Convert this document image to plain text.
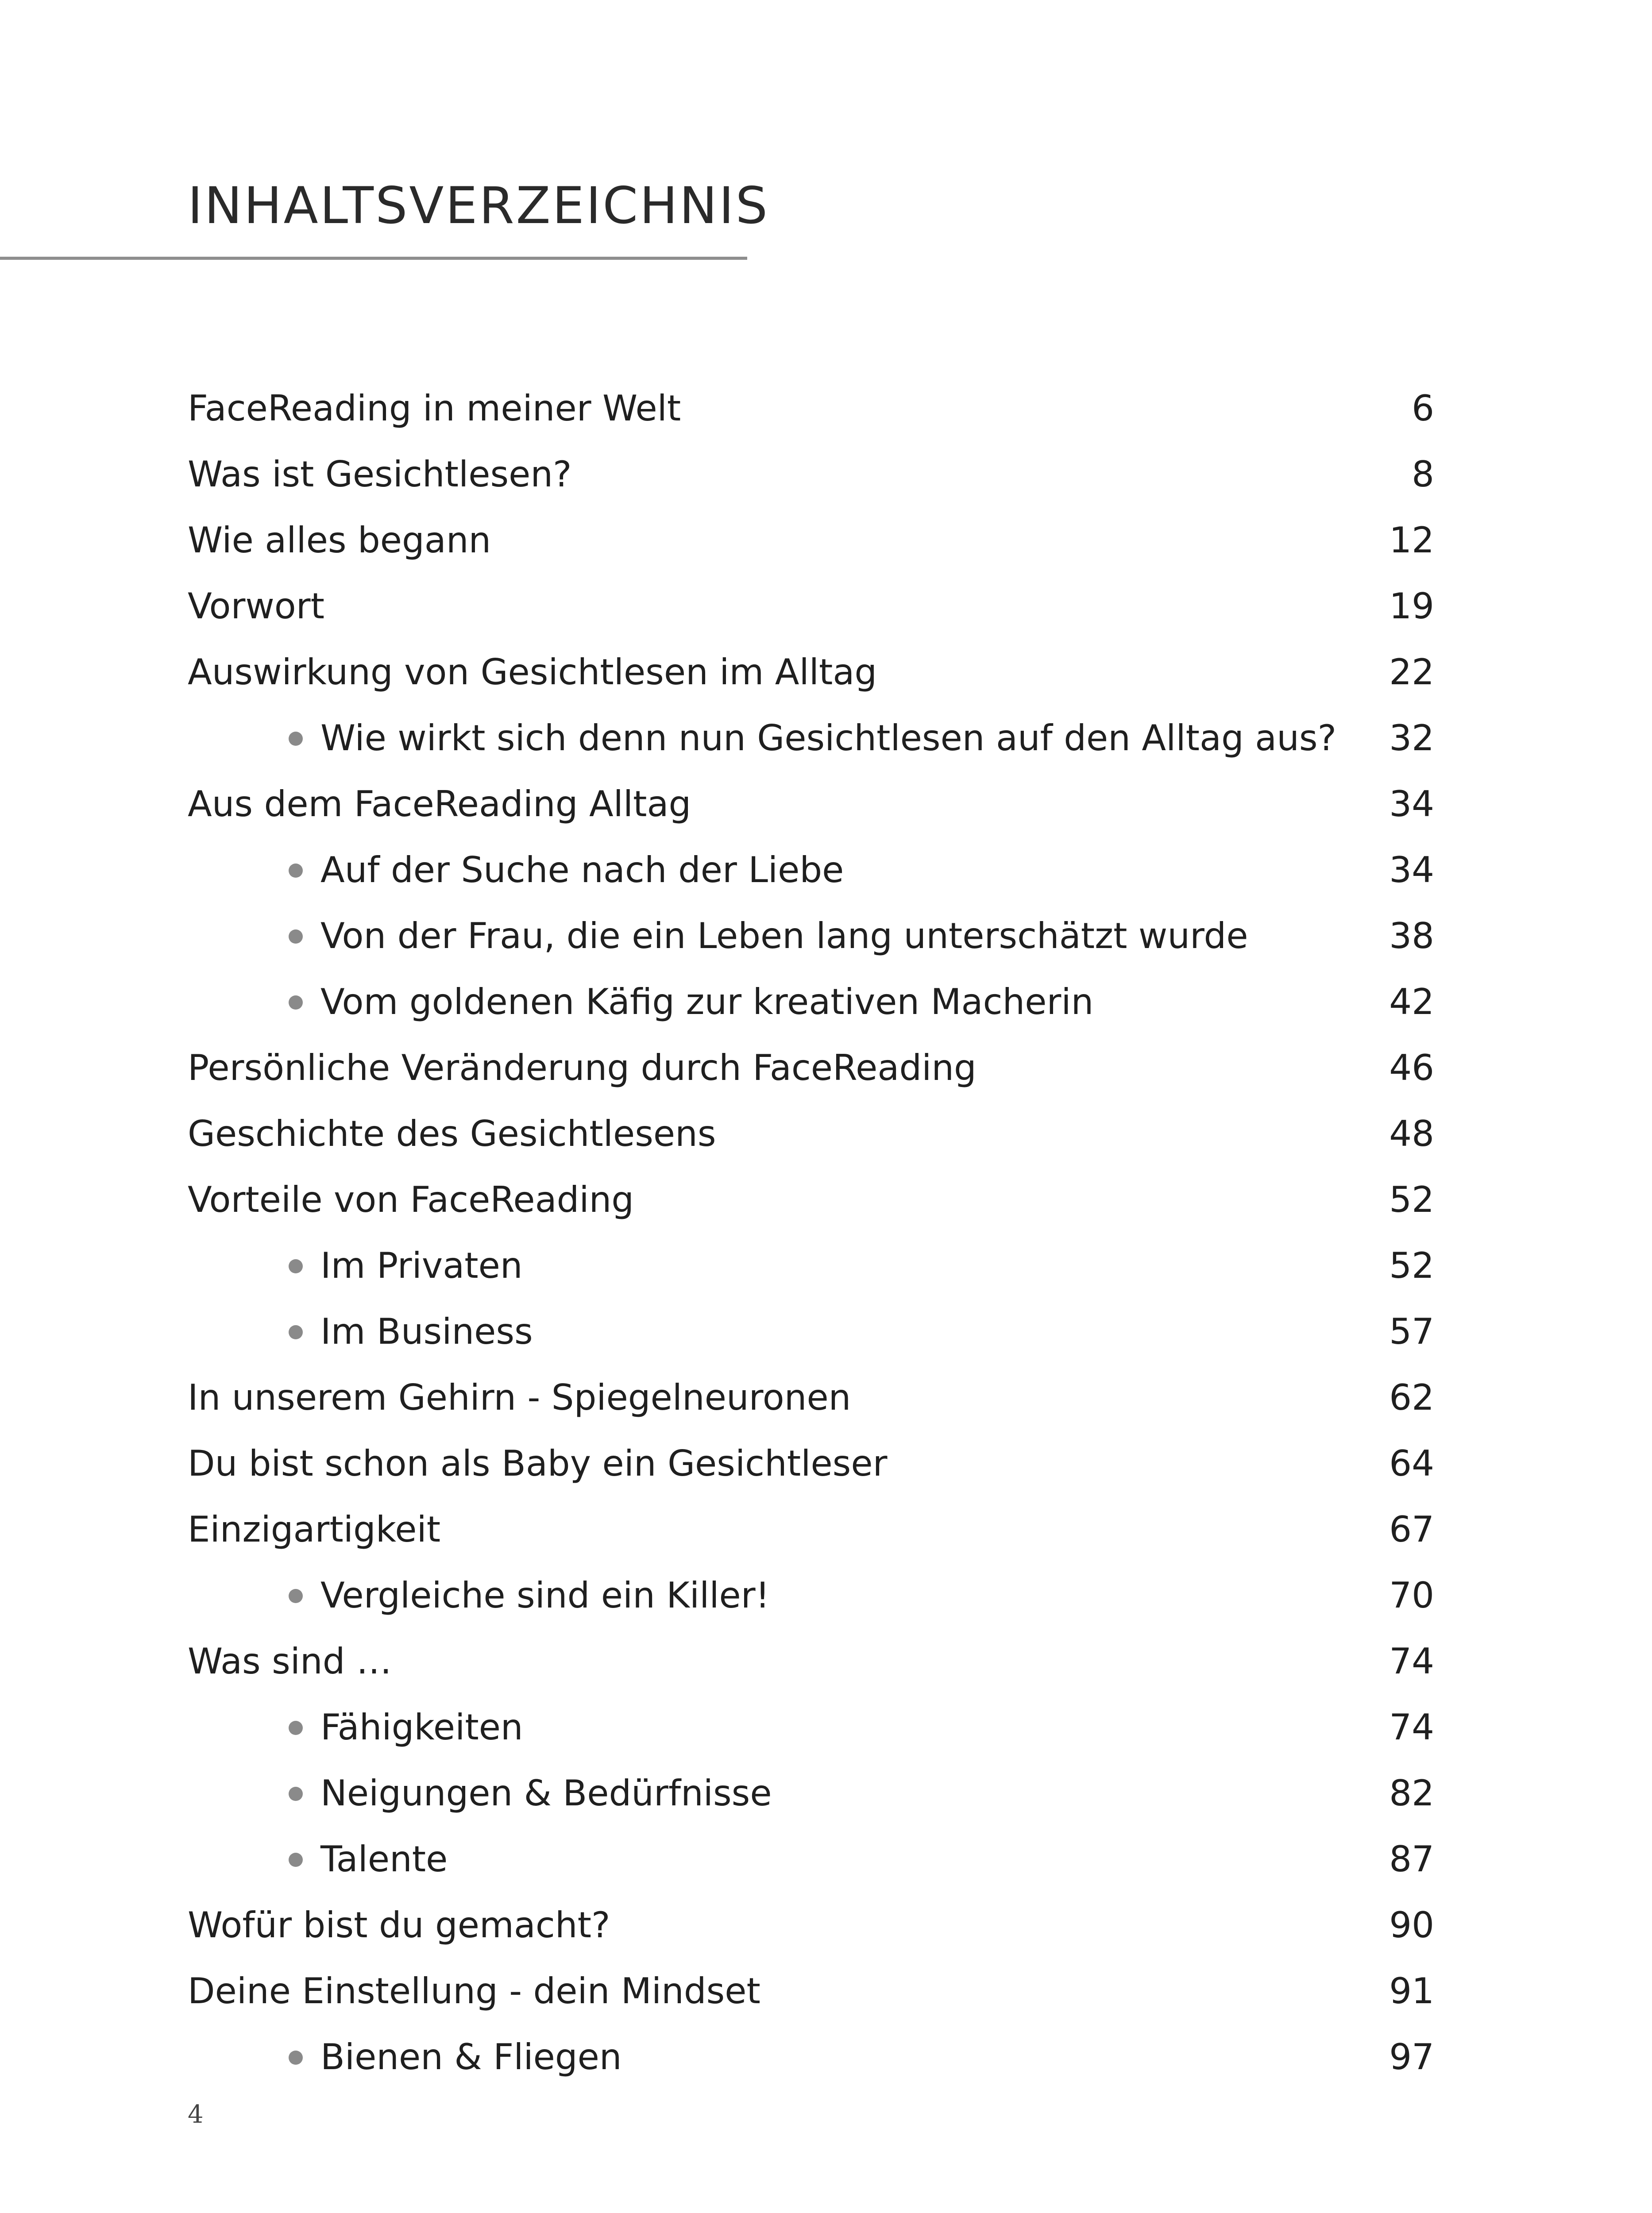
INHALTSVERZEICHNIS
FaceReading in meiner Welt	6
Was ist Gesichtlesen?	8
Wie alles begann	12
Vorwort	19
Auswirkung von Gesichtlesen im Alltag	22
Wie wirkt sich denn nun Gesichtlesen auf den Alltag aus? 32
Aus dem FaceReading Alltag	34
Auf der Suche nach der Liebe	34
Von der Frau, die ein Leben lang unterschätzt wurde	38
Vom goldenen Käfig zur kreativen Macherin	42
Persönliche Veränderung durch FaceReading	46
Geschichte des Gesichtlesens	48
Vorteile von FaceReading	52
Im Privaten	52
Im Business	57
In unserem Gehirn - Spiegelneuronen	62
Du bist schon als Baby ein Gesichtleser	64
Einzigartigkeit	67
Vergleiche sind ein Killer!	70
Was sind …	74
Fähigkeiten	74
Neigungen & Bedürfnisse	82
Talente	87
Wofür bist du gemacht?	90
Deine Einstellung - dein Mindset	91
Bienen & Fliegen	97
4
